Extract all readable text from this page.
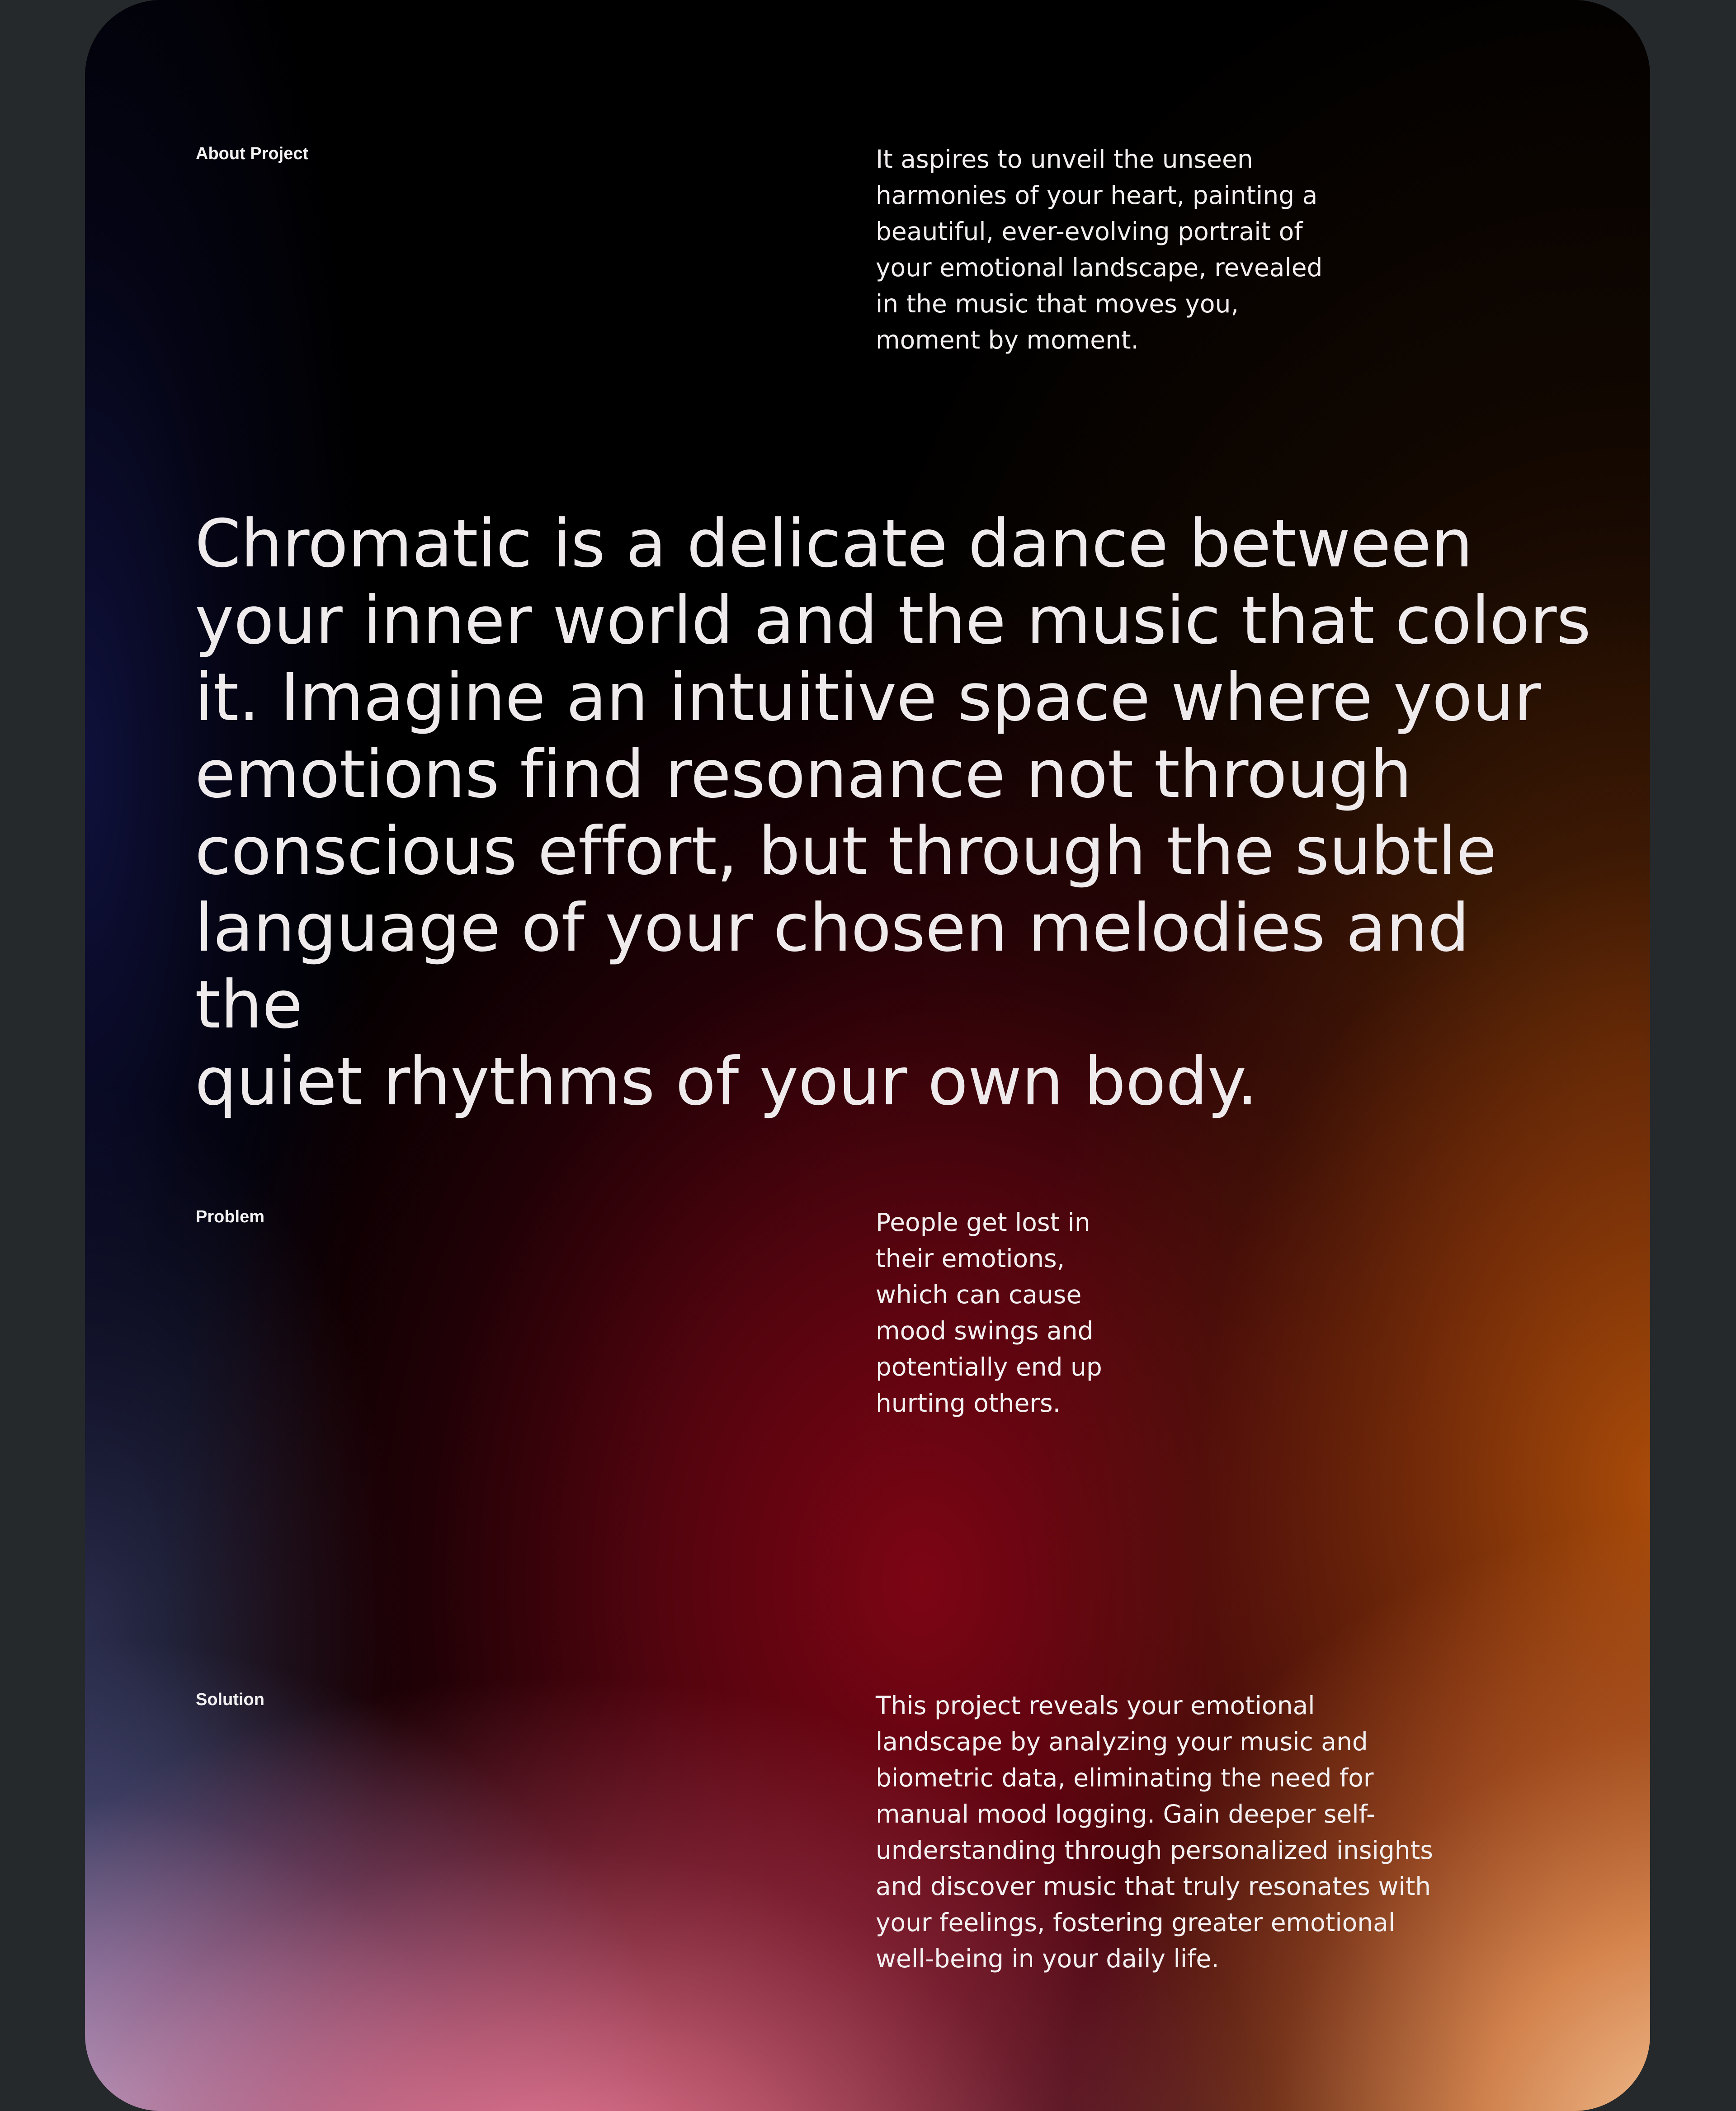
About Project	It aspires to unveil the unseen
harmonies of your heart, painting a
beautiful, ever-evolving portrait of
your emotional landscape, revealed
in the music that moves you,
moment by moment.

Chromatic is a delicate dance between
your inner world and the music that colors
it. Imagine an intuitive space where your
emotions find resonance not through
conscious effort, but through the subtle
language of your chosen melodies and the
quiet rhythms of your own body.

Problem	People get lost in
their emotions,
which can cause
mood swings and
potentially end up
hurting others.

Solution	This project reveals your emotional
landscape by analyzing your music and
biometric data, eliminating the need for
manual mood logging. Gain deeper self-
understanding through personalized insights
and discover music that truly resonates with
your feelings, fostering greater emotional
well-being in your daily life.
